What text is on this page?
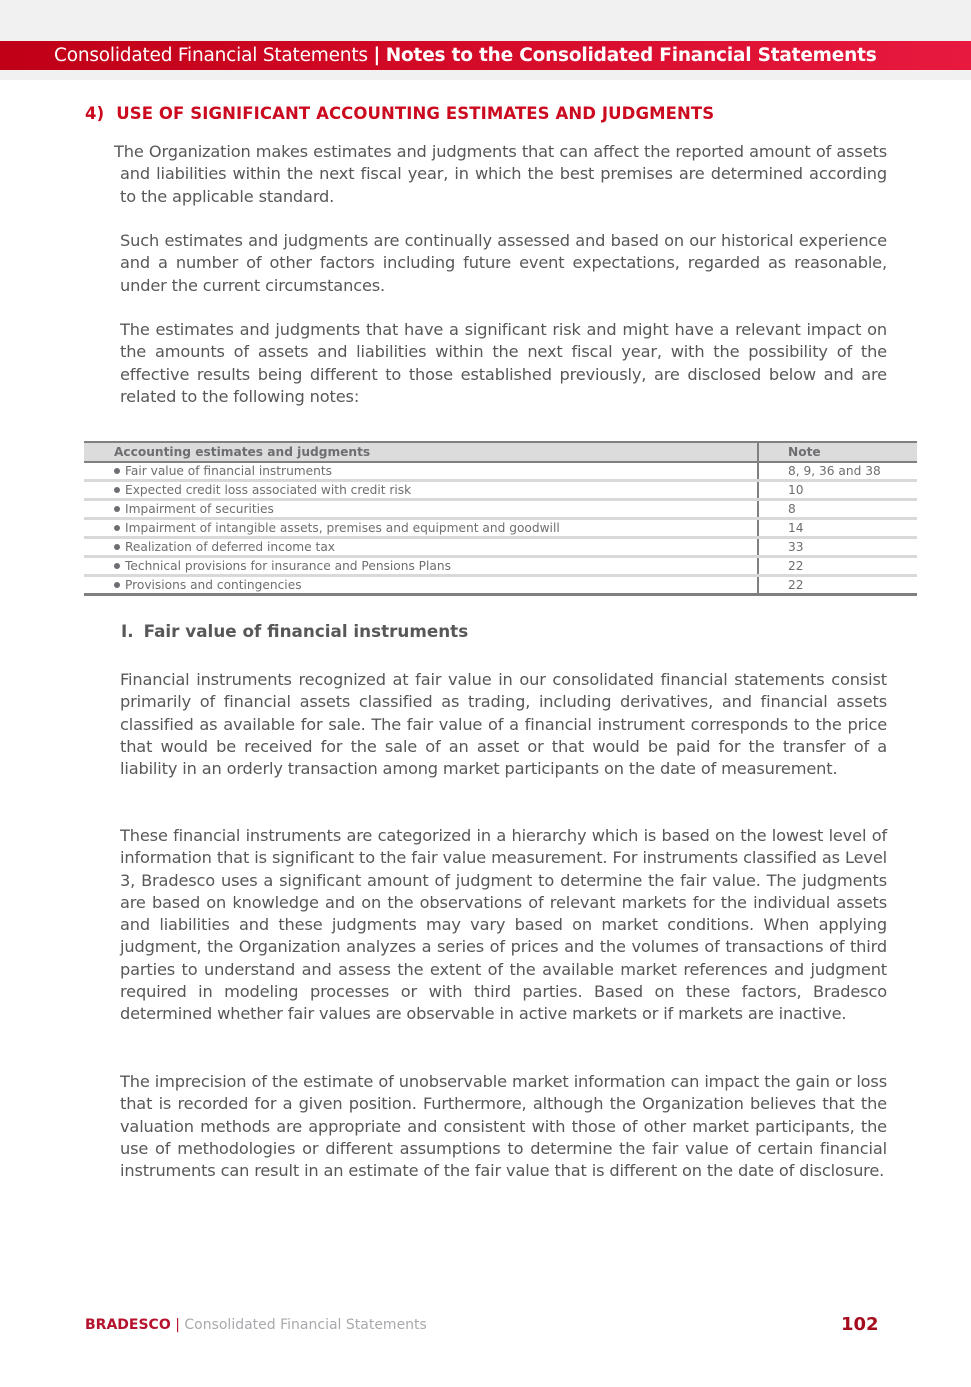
Consolidated Financial Statements | Notes to the Consolidated Financial Statements
4) USE OF SIGNIFICANT ACCOUNTING ESTIMATES AND JUDGMENTS

The Organization makes estimates and judgments that can affect the reported amount of assets and liabilities within the next fiscal year, in which the best premises are determined according to the applicable standard.

Such estimates and judgments are continually assessed and based on our historical experience and a number of other factors including future event expectations, regarded as reasonable, under the current circumstances.

The estimates and judgments that have a significant risk and might have a relevant impact on the amounts of assets and liabilities within the next fiscal year, with the possibility of the effective results being different to those established previously, are disclosed below and are related to the following notes:

Accounting estimates and judgments	Note
Fair value of financial instruments	8, 9, 36 and 38
Expected credit loss associated with credit risk	10
Impairment of securities	8
Impairment of intangible assets, premises and equipment and goodwill	14
Realization of deferred income tax	33
Technical provisions for insurance and Pensions Plans	22
Provisions and contingencies	22
I. Fair value of financial instruments

Financial instruments recognized at fair value in our consolidated financial statements consist primarily of financial assets classified as trading, including derivatives, and financial assets classified as available for sale. The fair value of a financial instrument corresponds to the price that would be received for the sale of an asset or that would be paid for the transfer of a liability in an orderly transaction among market participants on the date of measurement.

These financial instruments are categorized in a hierarchy which is based on the lowest level of information that is significant to the fair value measurement. For instruments classified as Level 3, Bradesco uses a significant amount of judgment to determine the fair value. The judgments are based on knowledge and on the observations of relevant markets for the individual assets and liabilities and these judgments may vary based on market conditions. When applying judgment, the Organization analyzes a series of prices and the volumes of transactions of third parties to understand and assess the extent of the available market references and judgment required in modeling processes or with third parties. Based on these factors, Bradesco determined whether fair values are observable in active markets or if markets are inactive.

The imprecision of the estimate of unobservable market information can impact the gain or loss that is recorded for a given position. Furthermore, although the Organization believes that the valuation methods are appropriate and consistent with those of other market participants, the use of methodologies or different assumptions to determine the fair value of certain financial instruments can result in an estimate of the fair value that is different on the date of disclosure.

BRADESCO | Consolidated Financial Statements	102
